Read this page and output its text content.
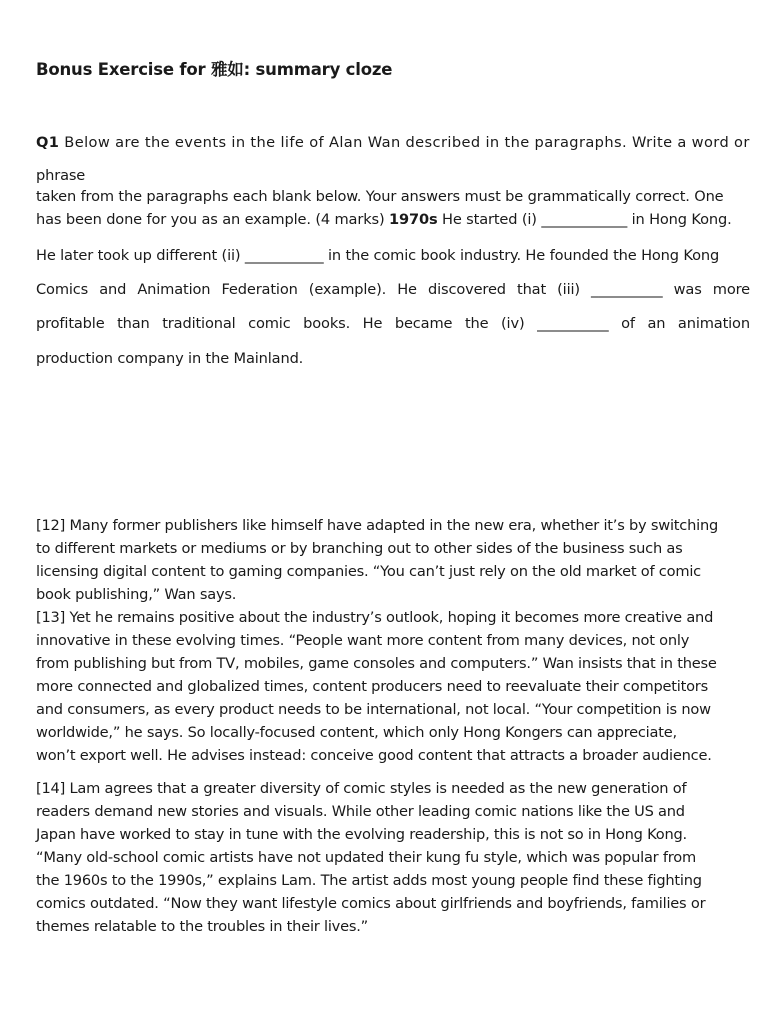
Bonus Exercise for 雅如: summary cloze
Q1 Below are the events in the life of Alan Wan described in the paragraphs. Write a word or
phrase
taken from the paragraphs each blank below. Your answers must be grammatically correct. One
has been done for you as an example. (4 marks) 1970s He started (i) ____________ in Hong Kong.
He later took up different (ii) ___________ in the comic book industry. He founded the Hong Kong
Comics and Animation Federation (example). He discovered that (iii) __________ was more
profitable than traditional comic books. He became the (iv) __________ of an animation
production company in the Mainland.
[12] Many former publishers like himself have adapted in the new era, whether it’s by switching
to different markets or mediums or by branching out to other sides of the business such as
licensing digital content to gaming companies. “You can’t just rely on the old market of comic
book publishing,” Wan says.
[13] Yet he remains positive about the industry’s outlook, hoping it becomes more creative and
innovative in these evolving times. “People want more content from many devices, not only
from publishing but from TV, mobiles, game consoles and computers.” Wan insists that in these
more connected and globalized times, content producers need to reevaluate their competitors
and consumers, as every product needs to be international, not local. “Your competition is now
worldwide,” he says. So locally-focused content, which only Hong Kongers can appreciate,
won’t export well. He advises instead: conceive good content that attracts a broader audience.
[14] Lam agrees that a greater diversity of comic styles is needed as the new generation of
readers demand new stories and visuals. While other leading comic nations like the US and
Japan have worked to stay in tune with the evolving readership, this is not so in Hong Kong.
“Many old-school comic artists have not updated their kung fu style, which was popular from
the 1960s to the 1990s,” explains Lam. The artist adds most young people find these fighting
comics outdated. “Now they want lifestyle comics about girlfriends and boyfriends, families or
themes relatable to the troubles in their lives.”
